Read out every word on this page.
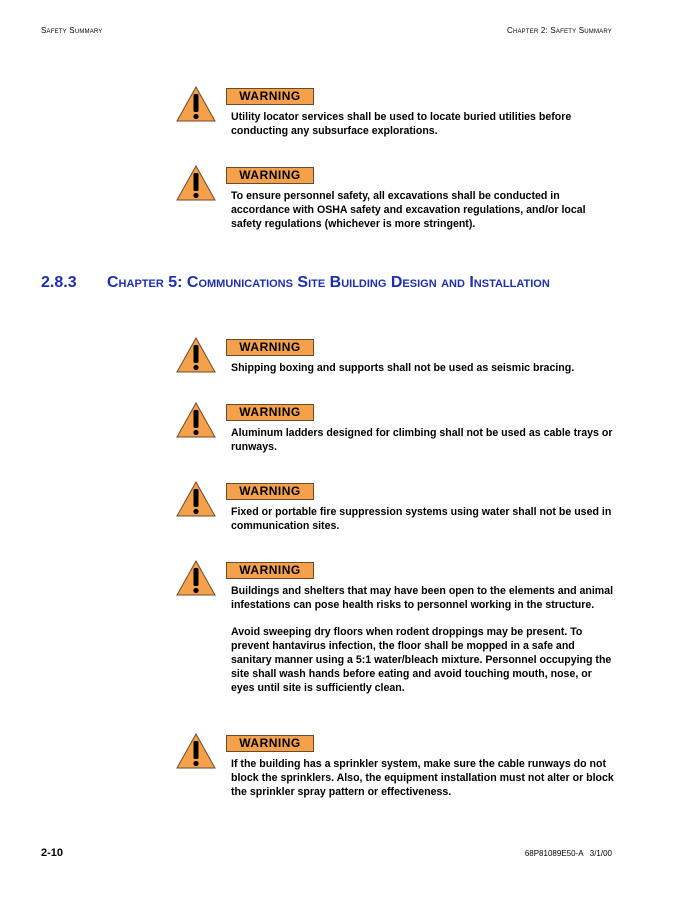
Safety Summary	Chapter 2: Safety Summary
WARNING

Utility locator services shall be used to locate buried utilities before conducting any subsurface explorations.

WARNING

To ensure personnel safety, all excavations shall be conducted in accordance with OSHA safety and excavation regulations, and/or local safety regulations (whichever is more stringent).

2.8.3 Chapter 5: Communications Site Building Design and Installation
WARNING

Shipping boxing and supports shall not be used as seismic bracing.

WARNING

Aluminum ladders designed for climbing shall not be used as cable trays or runways.

WARNING

Fixed or portable fire suppression systems using water shall not be used in communication sites.

WARNING

Buildings and shelters that may have been open to the elements and animal infestations can pose health risks to personnel working in the structure.

Avoid sweeping dry floors when rodent droppings may be present. To prevent hantavirus infection, the floor shall be mopped in a safe and sanitary manner using a 5:1 water/bleach mixture. Personnel occupying the site shall wash hands before eating and avoid touching mouth, nose, or eyes until site is sufficiently clean.

WARNING

If the building has a sprinkler system, make sure the cable runways do not block the sprinklers. Also, the equipment installation must not alter or block the sprinkler spray pattern or effectiveness.

2-10	68P81089E50-A   3/1/00
